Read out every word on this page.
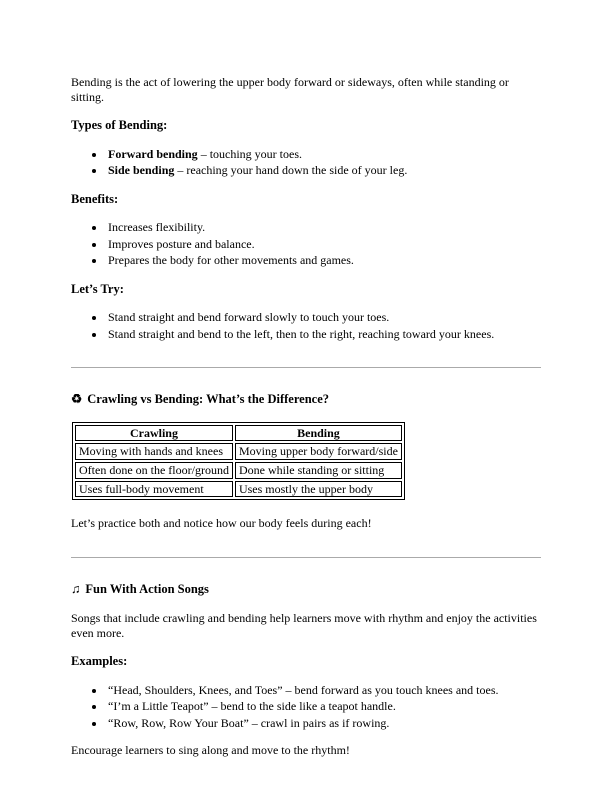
Bending is the act of lowering the upper body forward or sideways, often while standing or sitting.

Types of Bending:
• Forward bending – touching your toes.
• Side bending – reaching your hand down the side of your leg.
Benefits:
• Increases flexibility.
• Improves posture and balance.
• Prepares the body for other movements and games.
Let’s Try:
• Stand straight and bend forward slowly to touch your toes.
• Stand straight and bend to the left, then to the right, reaching toward your knees.
♻ Crawling vs Bending: What’s the Difference?
Crawling	Bending
Moving with hands and knees	Moving upper body forward/side
Often done on the floor/ground	Done while standing or sitting
Uses full-body movement	Uses mostly the upper body

Let’s practice both and notice how our body feels during each!

♫ Fun With Action Songs

Songs that include crawling and bending help learners move with rhythm and enjoy the activities even more.

Examples:
• “Head, Shoulders, Knees, and Toes” – bend forward as you touch knees and toes.
• “I’m a Little Teapot” – bend to the side like a teapot handle.
• “Row, Row, Row Your Boat” – crawl in pairs as if rowing.

Encourage learners to sing along and move to the rhythm!
